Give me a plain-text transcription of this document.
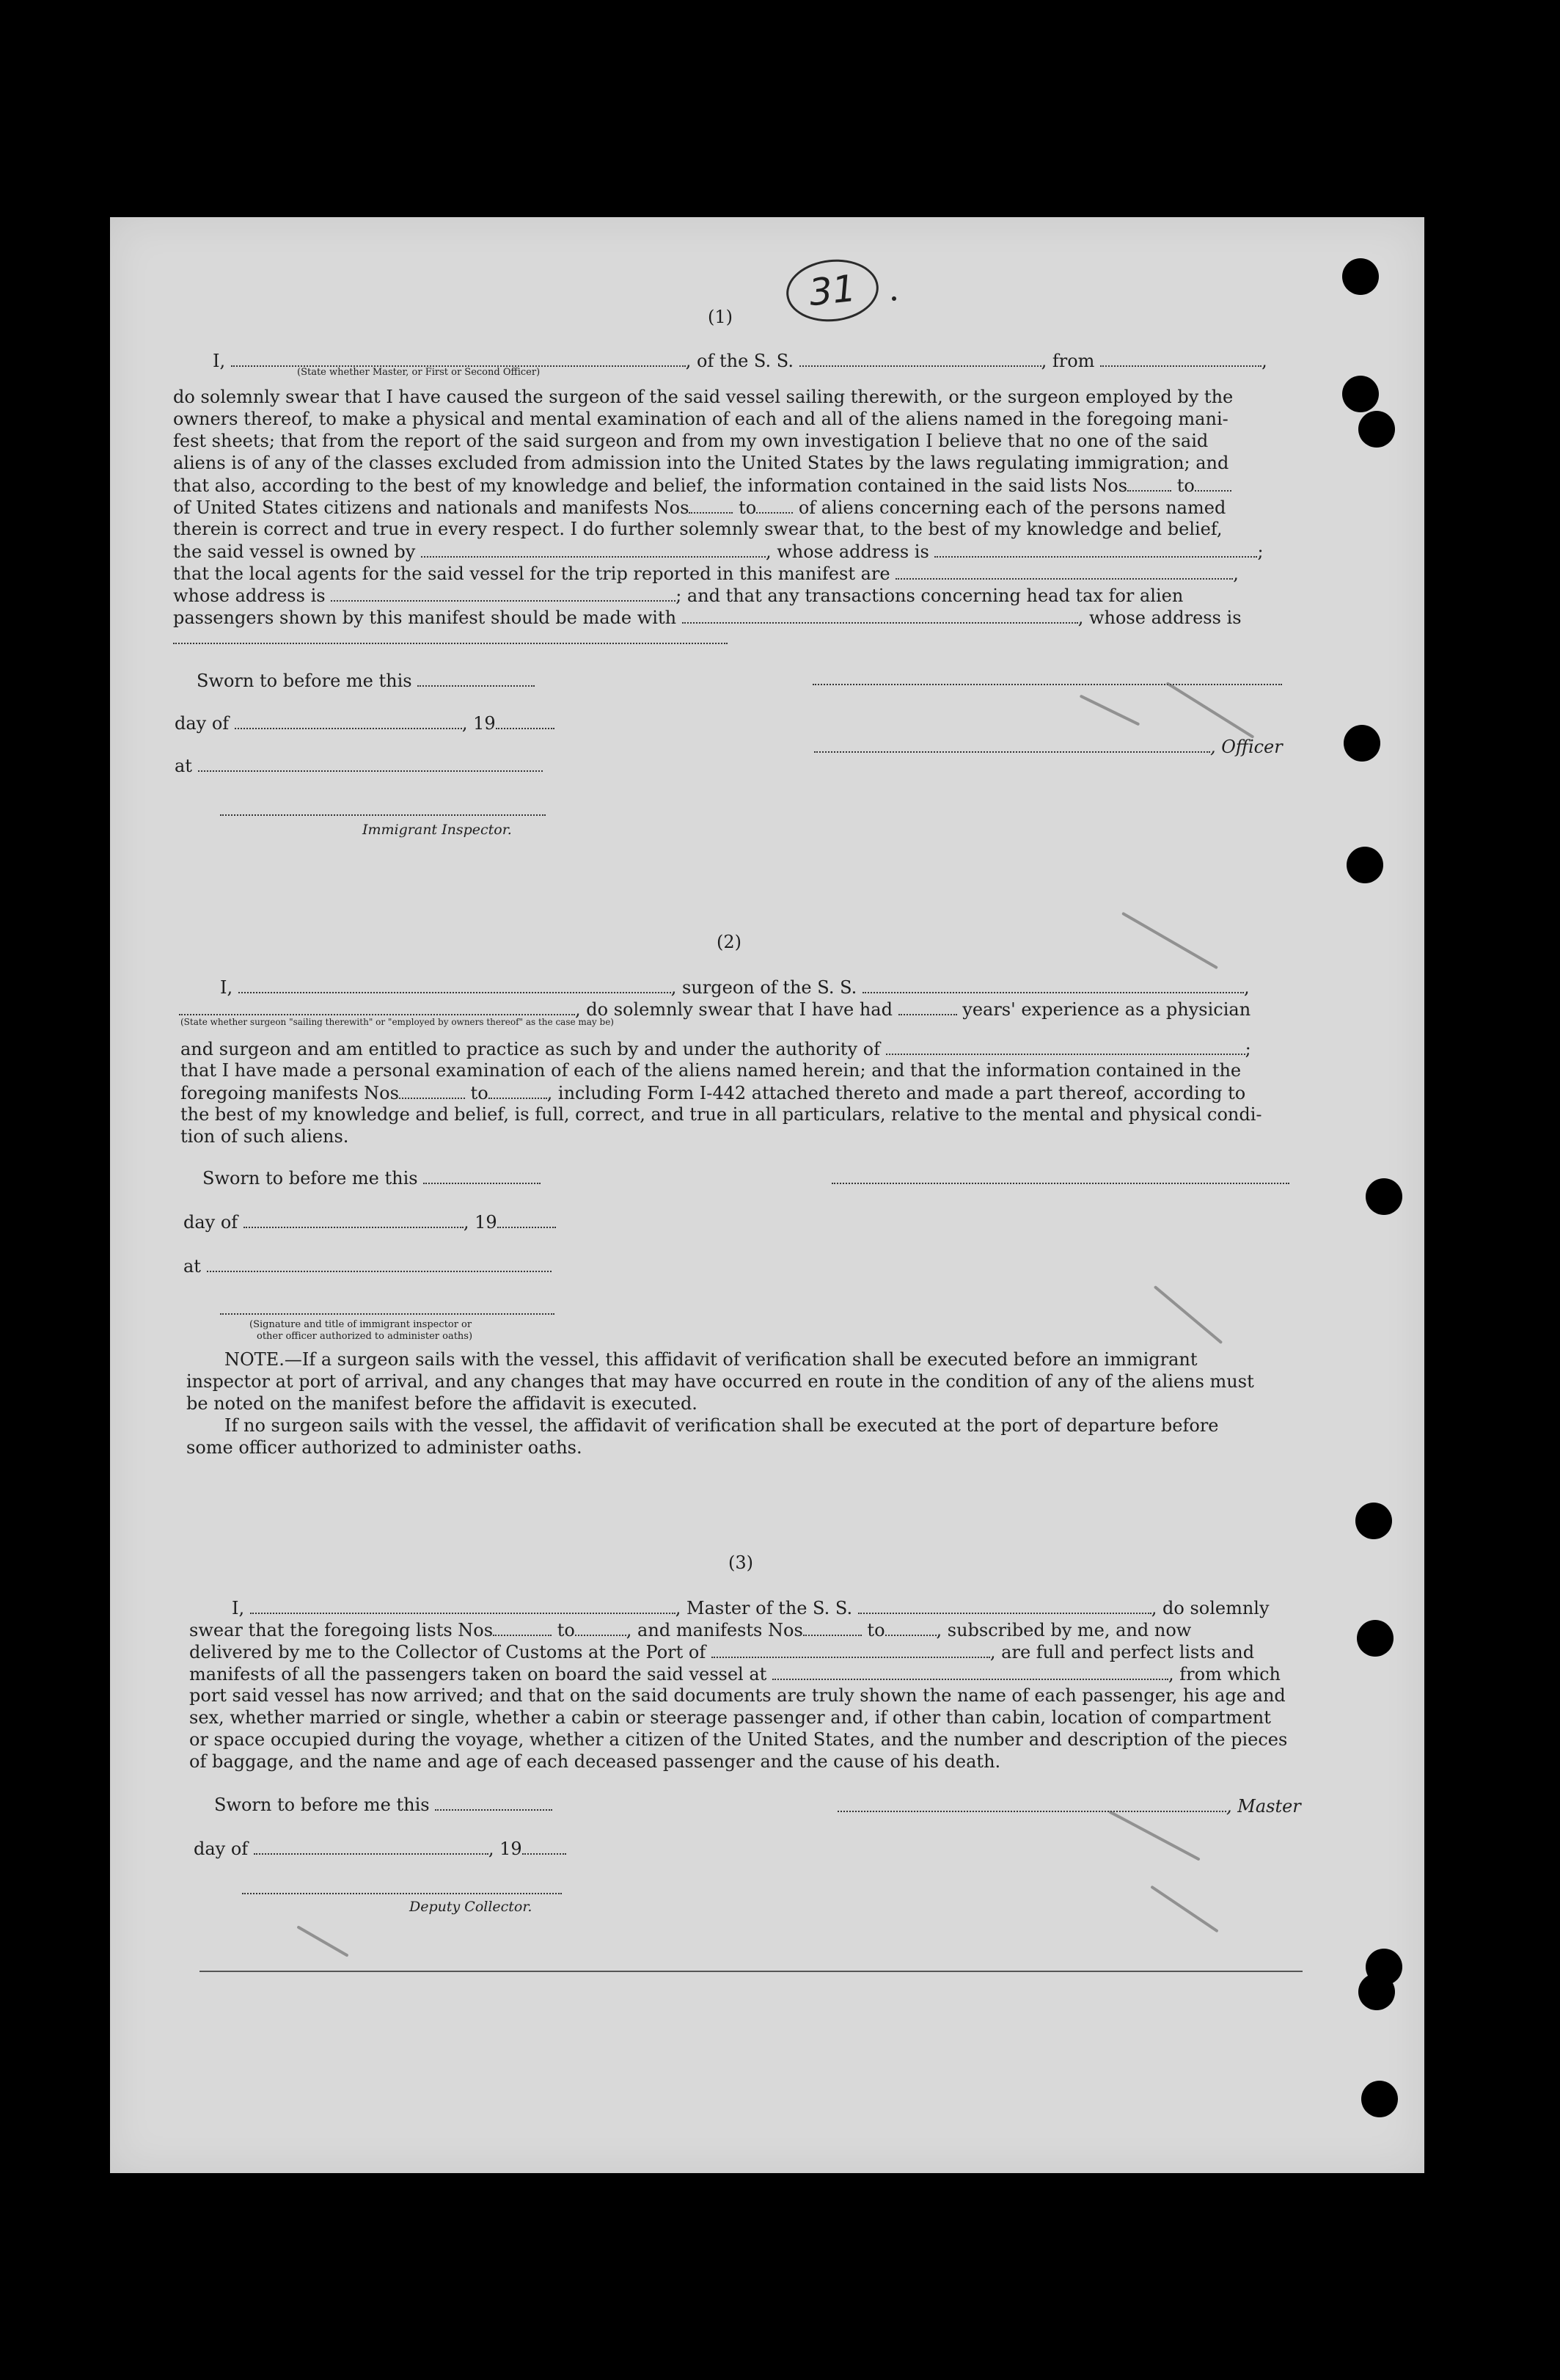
31
(1)
I,	, of the S. S.	, from	,
(State whether Master, or First or Second Officer)
do solemnly swear that I have caused the surgeon of the said vessel sailing therewith, or the surgeon employed by the
owners thereof, to make a physical and mental examination of each and all of the aliens named in the foregoing mani-
fest sheets; that from the report of the said surgeon and from my own investigation I believe that no one of the said
aliens is of any of the classes excluded from admission into the United States by the laws regulating immigration; and
that also, according to the best of my knowledge and belief, the information contained in the said lists Nos	to
of United States citizens and nationals and manifests Nos	to of aliens concerning each of the persons named
therein is correct and true in every respect. I do further solemnly swear that, to the best of my knowledge and belief,
the said vessel is owned by	, whose address is	;
that the local agents for the said vessel for the trip reported in this manifest are	,
whose address is	; and that any transactions concerning head tax for alien
passengers shown by this manifest should be made with	, whose address is
Sworn to before me this
day of	, 19
, Officer
at
Immigrant Inspector.
(2)
I,	, surgeon of the S. S.	,
, do solemnly swear that I have had	years' experience as a physician
(State whether surgeon "sailing therewith" or "employed by owners thereof" as the case may be)
and surgeon and am entitled to practice as such by and under the authority of	;
that I have made a personal examination of each of the aliens named herein; and that the information contained in the
foregoing manifests Nos	to	, including Form I-442 attached thereto and made a part thereof, according to
the best of my knowledge and belief, is full, correct, and true in all particulars, relative to the mental and physical condi-
tion of such aliens.
Sworn to before me this
day of	, 19
at
(Signature and title of immigrant inspector or
other officer authorized to administer oaths)
NOTE.—If a surgeon sails with the vessel, this affidavit of verification shall be executed before an immigrant
inspector at port of arrival, and any changes that may have occurred en route in the condition of any of the aliens must
be noted on the manifest before the affidavit is executed.
If no surgeon sails with the vessel, the affidavit of verification shall be executed at the port of departure before
some officer authorized to administer oaths.
(3)
I,	, Master of the S. S.	, do solemnly
swear that the foregoing lists Nos	to	, and manifests Nos	to	, subscribed by me, and now
delivered by me to the Collector of Customs at the Port of	, are full and perfect lists and
manifests of all the passengers taken on board the said vessel at	, from which
port said vessel has now arrived; and that on the said documents are truly shown the name of each passenger, his age and
sex, whether married or single, whether a cabin or steerage passenger and, if other than cabin, location of compartment
or space occupied during the voyage, whether a citizen of the United States, and the number and description of the pieces
of baggage, and the name and age of each deceased passenger and the cause of his death.
Sworn to before me this	, Master
day of	, 19
Deputy Collector.
